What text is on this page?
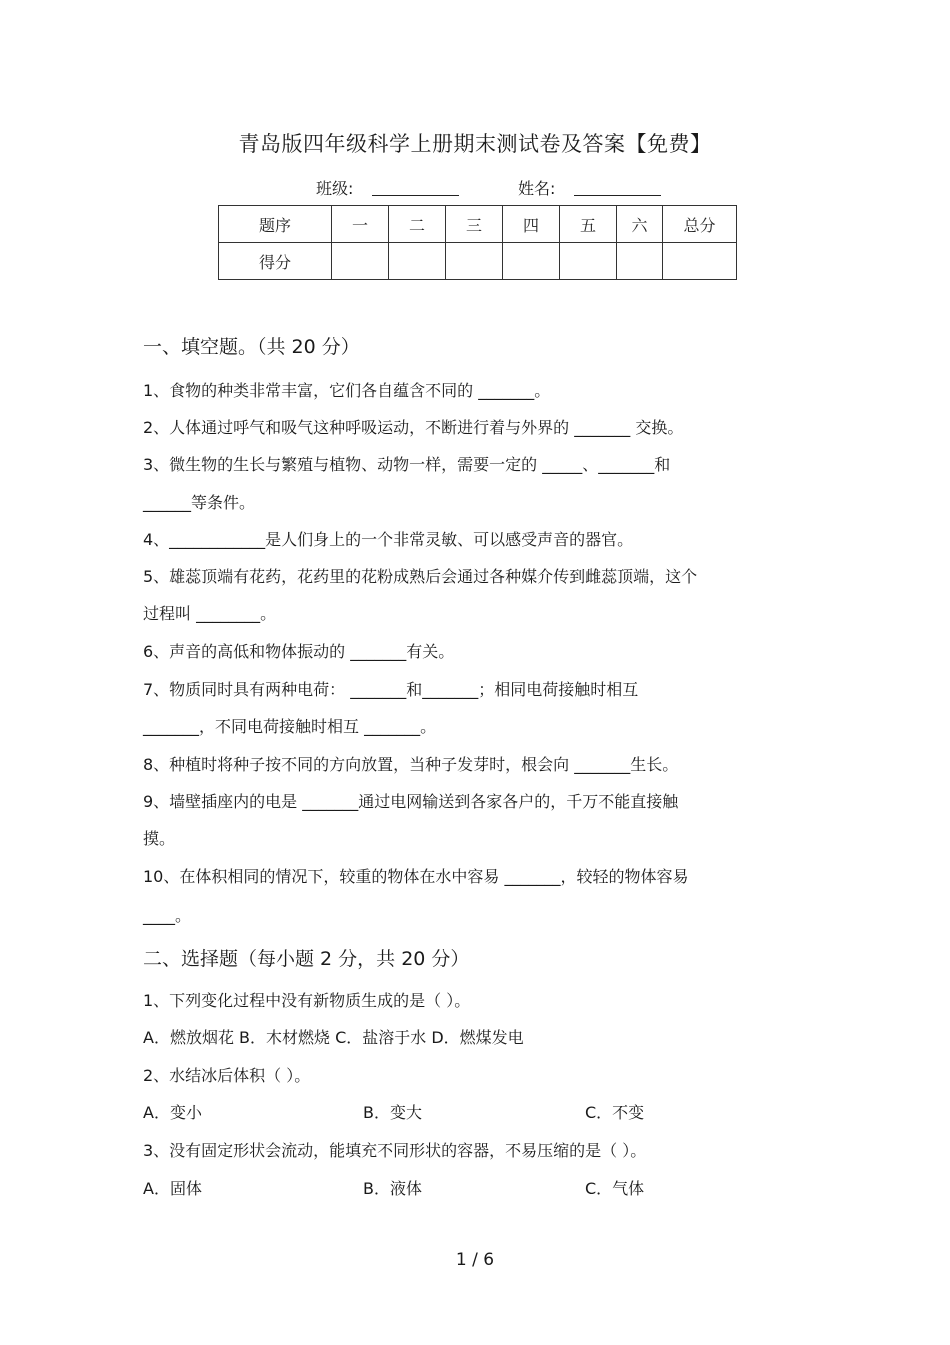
青岛版四年级科学上册期末测试卷及答案【免费】
班级:	姓名:
题序	一	二	三	四	五	六	总分
得分							
一、填空题。（共 20 分）
1、食物的种类非常丰富，它们各自蕴含不同的 _______。
2、人体通过呼气和吸气这种呼吸运动，不断进行着与外界的 _______ 交换。
3、微生物的生长与繁殖与植物、动物一样，需要一定的 _____、_______和
______等条件。
4、____________是人们身上的一个非常灵敏、可以感受声音的器官。
5、雄蕊顶端有花药，花药里的花粉成熟后会通过各种媒介传到雌蕊顶端，这个
过程叫 ________。
6、声音的高低和物体振动的 _______有关。
7、物质同时具有两种电荷： _______和_______；相同电荷接触时相互
_______，不同电荷接触时相互 _______。
8、种植时将种子按不同的方向放置，当种子发芽时，根会向 _______生长。
9、墙壁插座内的电是 _______通过电网输送到各家各户的，千万不能直接触
摸。
10、在体积相同的情况下，较重的物体在水中容易 _______，较轻的物体容易
____。
二、选择题（每小题 2 分，共 20 分）
1、下列变化过程中没有新物质生成的是（ ）。
A．燃放烟花 B．木材燃烧 C．盐溶于水 D．燃煤发电
2、水结冰后体积（ ）。
A．变小	B．变大	C．不变
3、没有固定形状会流动，能填充不同形状的容器，不易压缩的是（ ）。
A．固体	B．液体	C．气体
1 / 6
